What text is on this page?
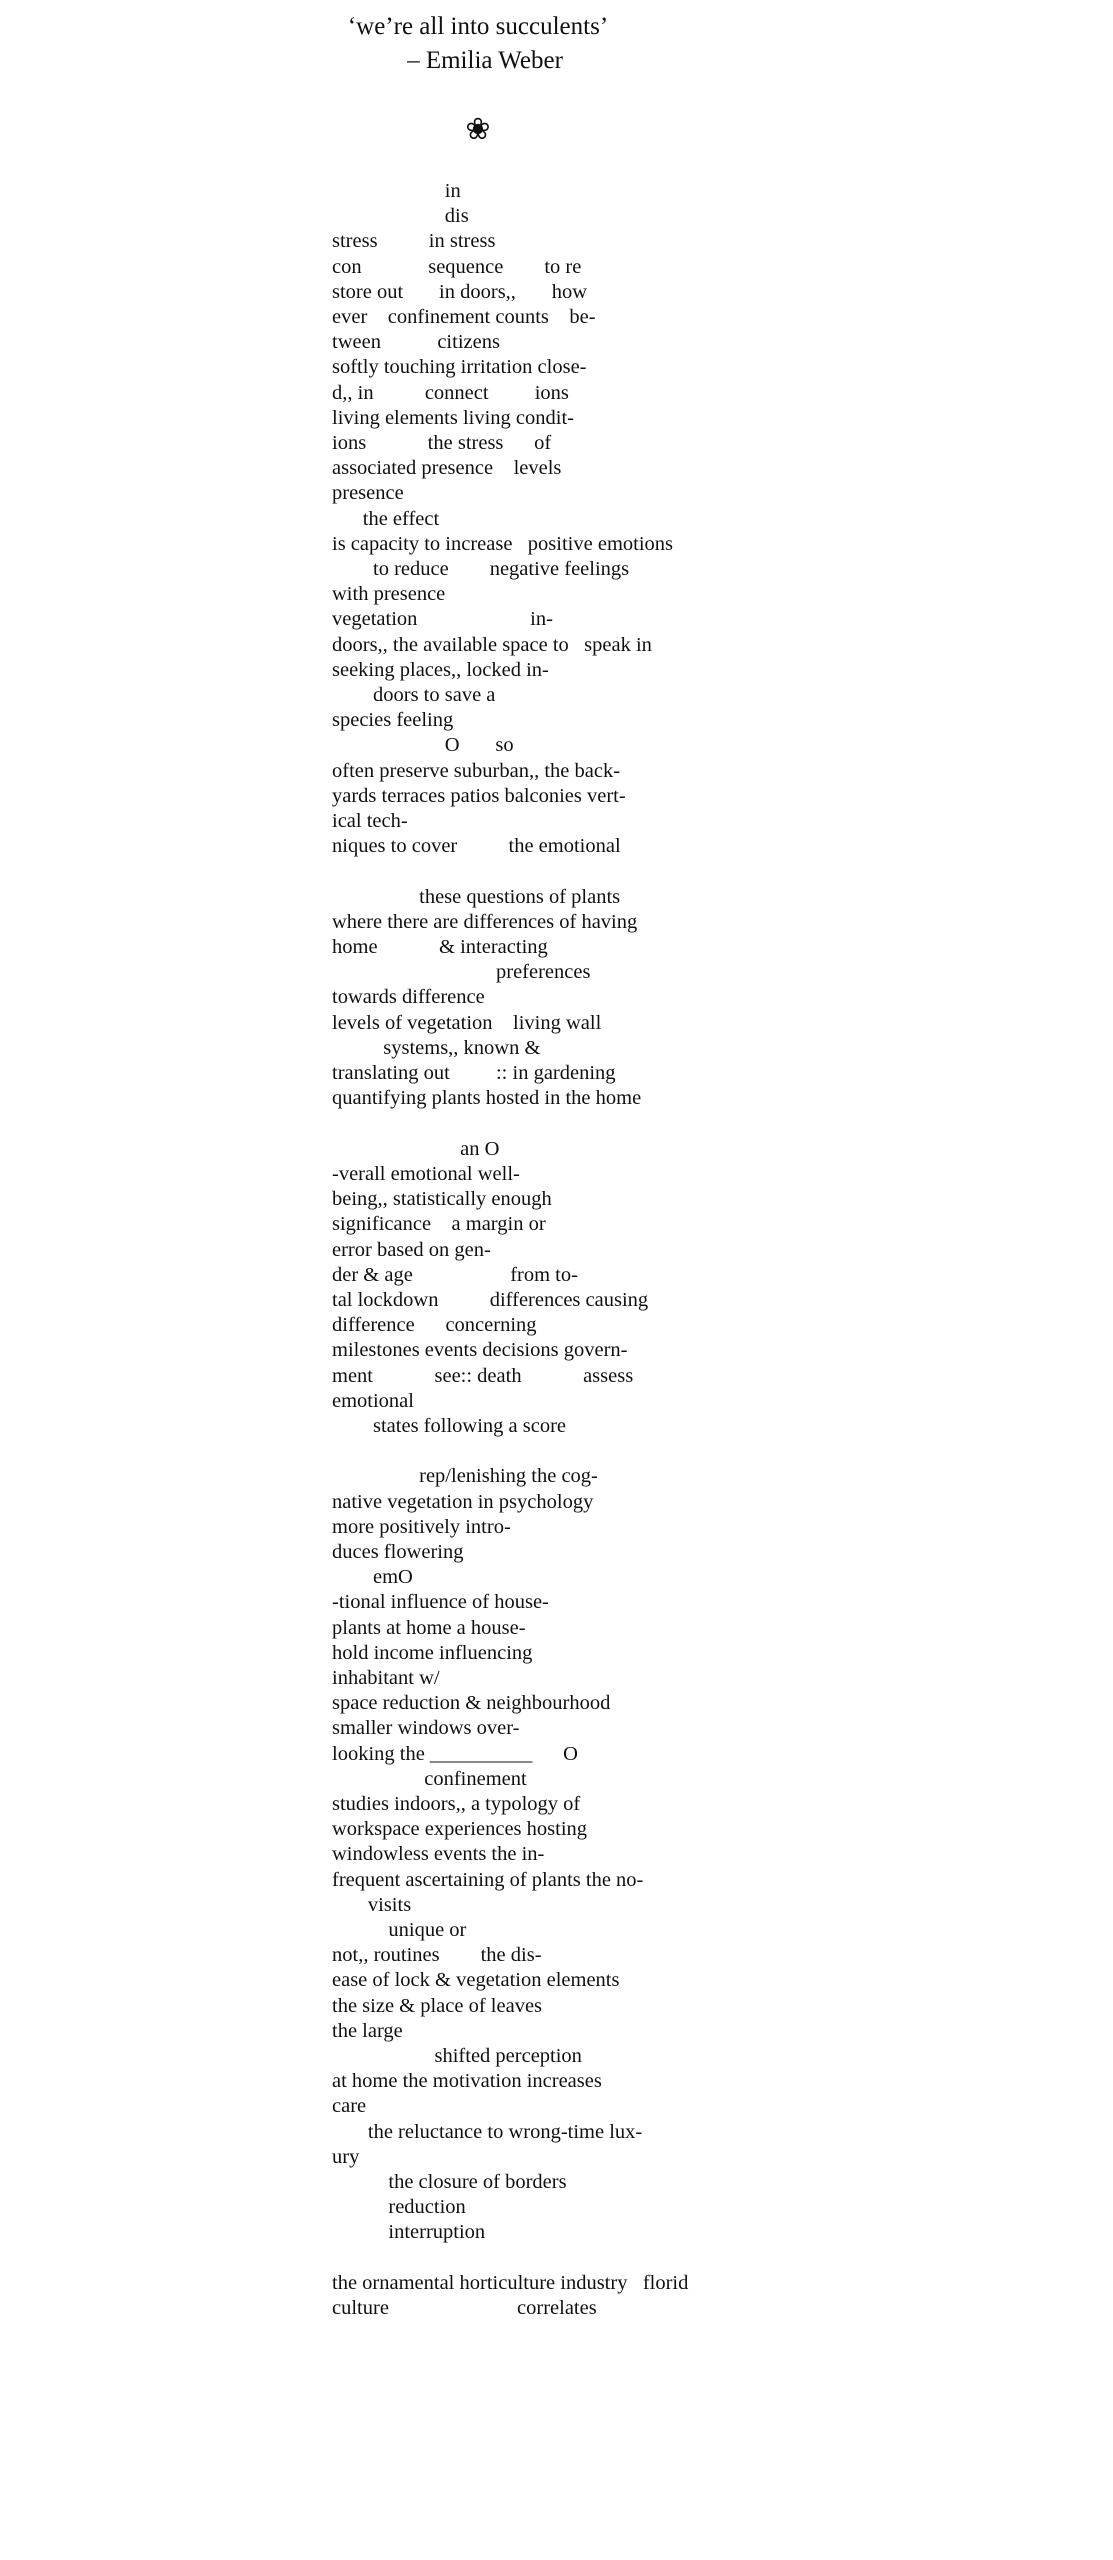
‘we’re all into succulents’
– Emilia Weber
❀
in
dis
stress          in stress
con             sequence        to re
store out       in doors,,       how
ever    confinement counts    be-
tween           citizens
softly touching irritation close-
d,, in          connect         ions
living elements living condit-
ions            the stress      of
associated presence    levels
presence
the effect
is capacity to increase   positive emotions
to reduce        negative feelings
with presence
vegetation                      in-
doors,, the available space to   speak in
seeking places,, locked in-
doors to save a
species feeling
O       so
often preserve suburban,, the back-
yards terraces patios balconies vert-
ical tech-
niques to cover          the emotional
these questions of plants
where there are differences of having
home            & interacting
preferences
towards difference
levels of vegetation    living wall
systems,, known &
translating out         :: in gardening
quantifying plants hosted in the home
an O
-verall emotional well-
being,, statistically enough
significance    a margin or
error based on gen-
der & age                   from to-
tal lockdown          differences causing
difference      concerning
milestones events decisions govern-
ment            see:: death            assess
emotional
states following a score
rep/lenishing the cog-
native vegetation in psychology
more positively intro-
duces flowering
emO
-tional influence of house-
plants at home a house-
hold income influencing
inhabitant w/
space reduction & neighbourhood
smaller windows over-
looking the __________      O
confinement
studies indoors,, a typology of
workspace experiences hosting
windowless events the in-
frequent ascertaining of plants the no-
visits
unique or
not,, routines        the dis-
ease of lock & vegetation elements
the size & place of leaves
the large
shifted perception
at home the motivation increases
care
the reluctance to wrong-time lux-
ury
the closure of borders
reduction
interruption
the ornamental horticulture industry   florid
culture                         correlates
